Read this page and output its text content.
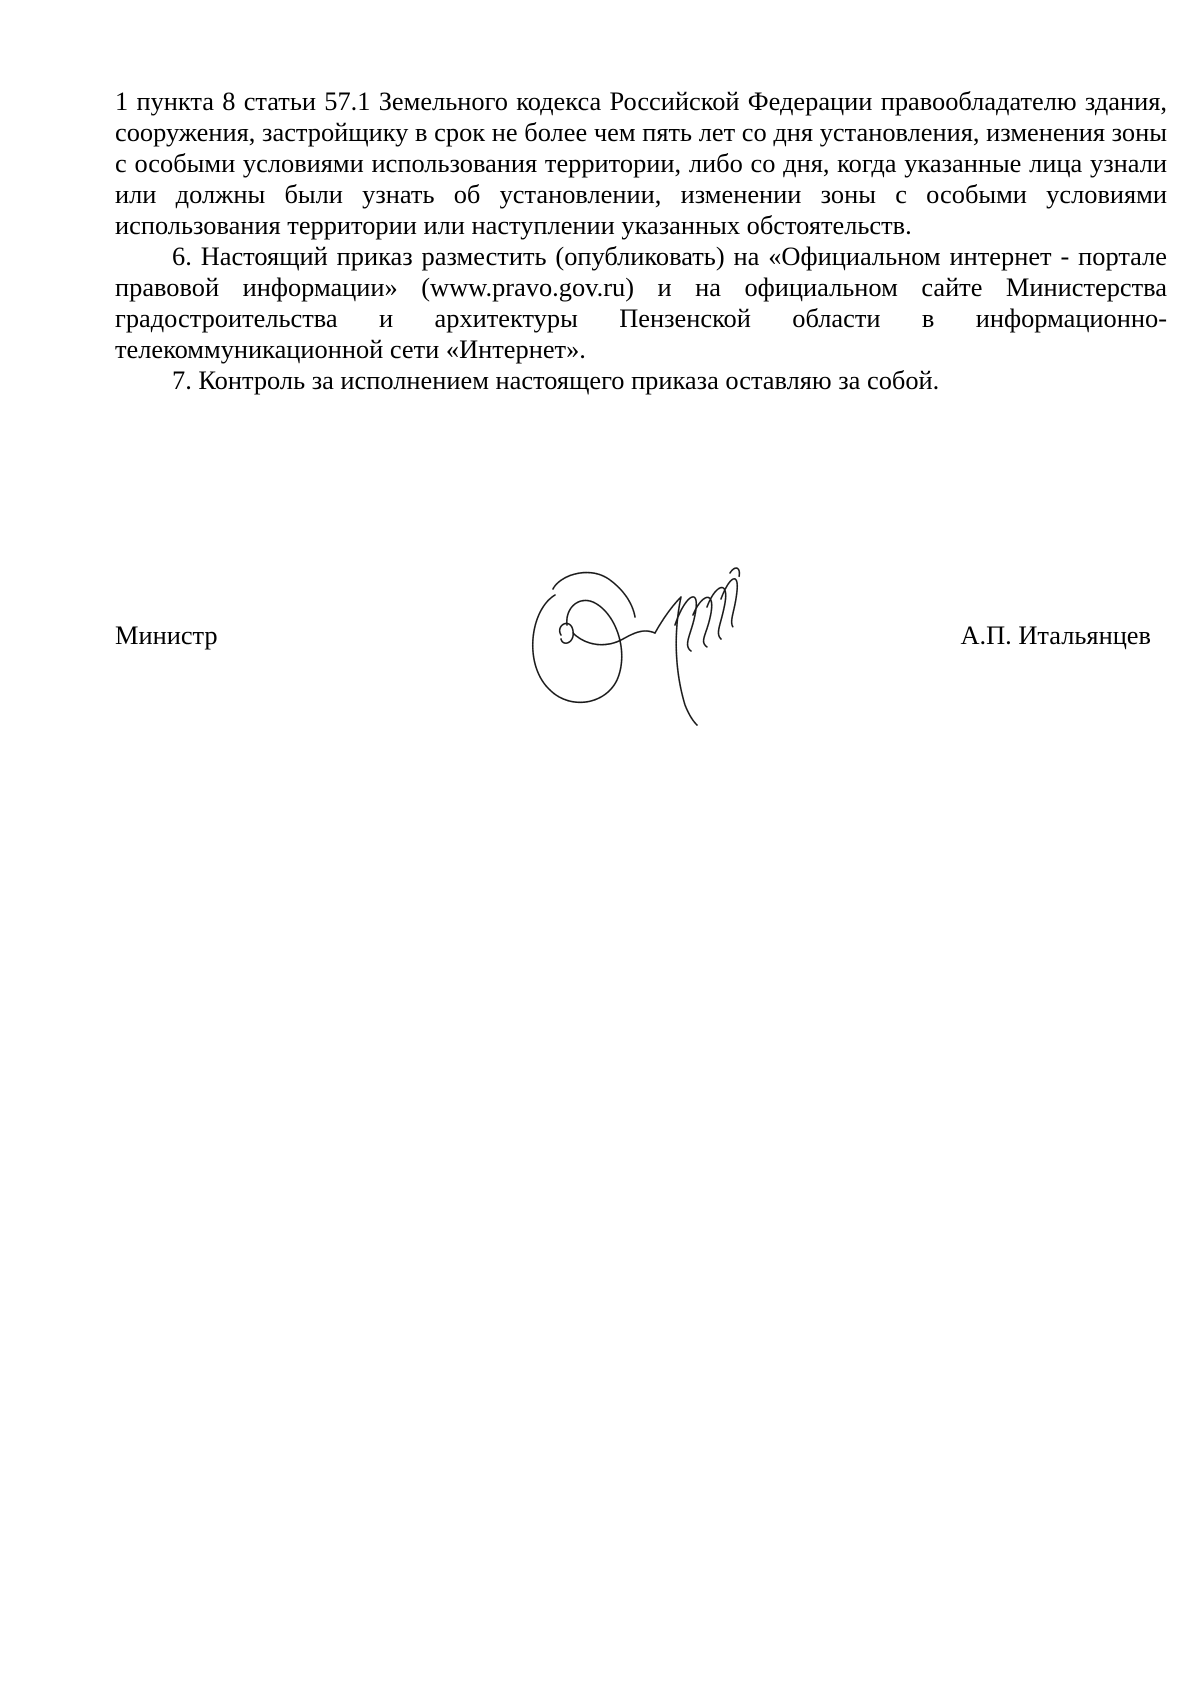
1 пункта 8 статьи 57.1 Земельного кодекса Российской Федерации правообладателю здания, сооружения, застройщику в срок не более чем пять лет со дня установления, изменения зоны с особыми условиями использования территории, либо со дня, когда указанные лица узнали или должны были узнать об установлении, изменении зоны с особыми условиями использования территории или наступлении указанных обстоятельств.

6. Настоящий приказ разместить (опубликовать) на «Официальном интернет - портале правовой информации» (www.pravo.gov.ru) и на официальном сайте Министерства градостроительства и архитектуры Пензенской области в информационно-телекоммуникационной сети «Интернет».

7. Контроль за исполнением настоящего приказа оставляю за собой.

Министр	А.П. Итальянцев
